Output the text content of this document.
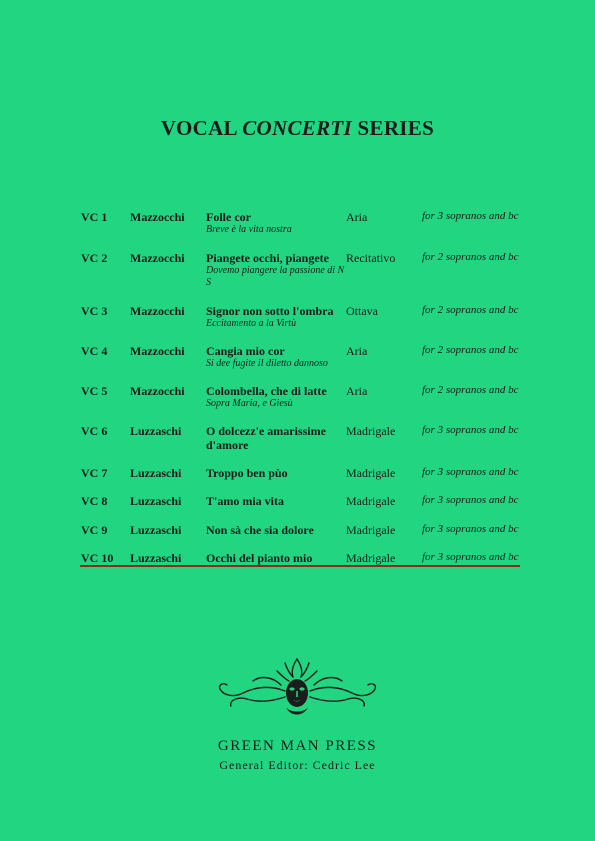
VOCAL CONCERTI SERIES
VC 1 Mazzocchi Folle cor
Breve è la vita nostra
Aria	for 3 sopranos and bc
VC 2 Mazzocchi Piangete occhi, piangete
Dovemo piangere la passione di N S
Recitativo for 2 sopranos and bc
VC 3 Mazzocchi Signor non sotto l'ombra
Eccitamento a la Virtù
Ottava	for 2 sopranos and bc
VC 4 Mazzocchi Cangia mio cor
Si dee fugite il diletto dannoso
Aria	for 2 sopranos and bc
VC 5 Mazzocchi Colombella, che di latte
Sopra Maria, e Giesù
Aria	for 2 sopranos and bc
VC 6 Luzzaschi O dolcezz'e amarissime d'amore
Madrigale for 3 sopranos and bc
VC 7 Luzzaschi Troppo ben pùo	Madrigale for 3 sopranos and bc
VC 8 Luzzaschi T'amo mia vita	Madrigale for 3 sopranos and bc
VC 9 Luzzaschi Non sà che sia dolore	Madrigale for 3 sopranos and bc
VC 10 Luzzaschi Occhi del pianto mio	Madrigale for 3 sopranos and bc
GREEN MAN PRESS
General Editor: Cedric Lee
